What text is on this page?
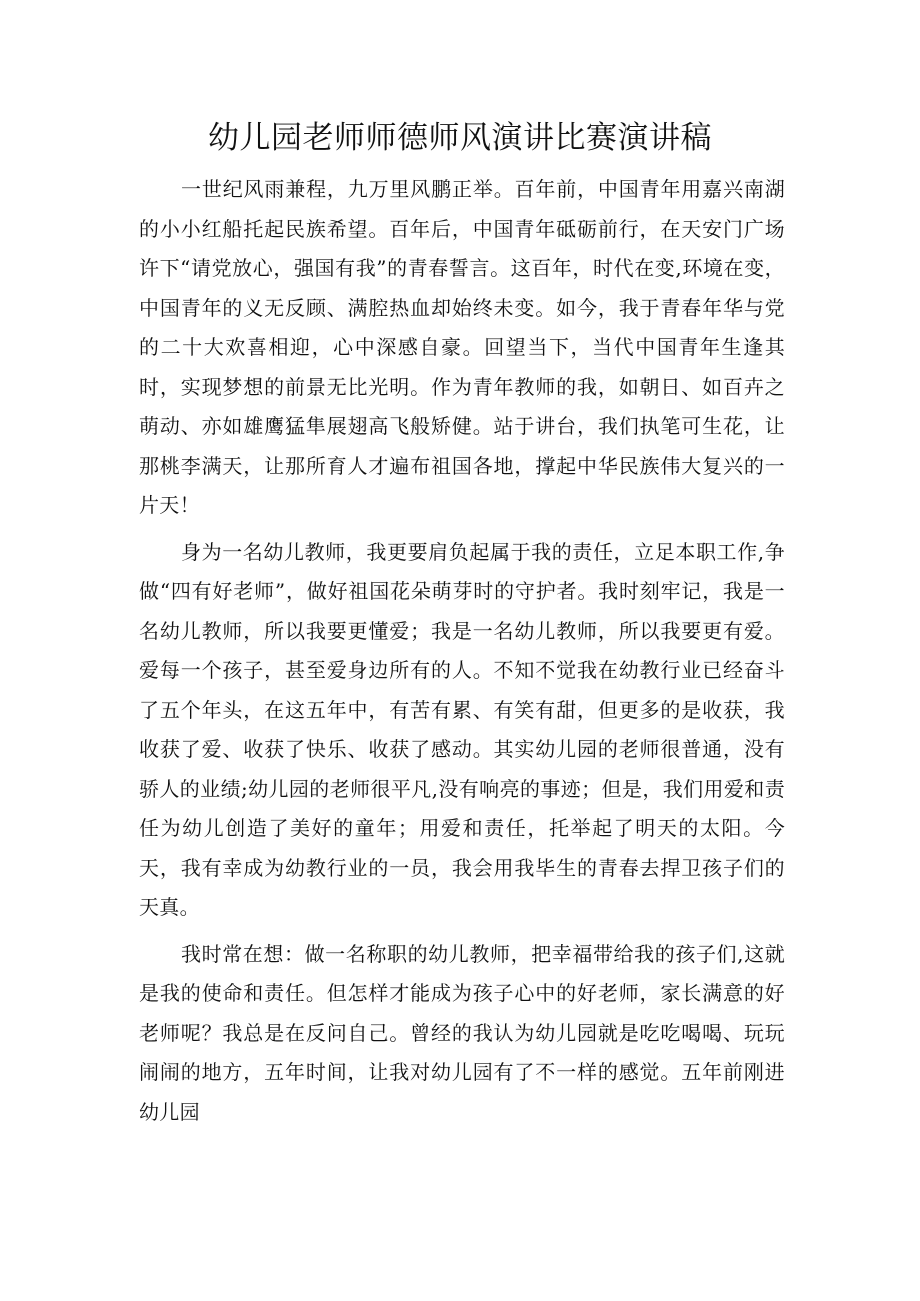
幼儿园老师师德师风演讲比赛演讲稿

一世纪风雨兼程，九万里风鹏正举。百年前，中国青年用嘉兴南湖的小小红船托起民族希望。百年后，中国青年砥砺前行，在天安门广场许下“请党放心，强国有我”的青春誓言。这百年，时代在变,环境在变，中国青年的义无反顾、满腔热血却始终未变。如今，我于青春年华与党的二十大欢喜相迎，心中深感自豪。回望当下，当代中国青年生逢其时，实现梦想的前景无比光明。作为青年教师的我，如朝日、如百卉之萌动、亦如雄鹰猛隼展翅高飞般矫健。站于讲台，我们执笔可生花，让那桃李满天，让那所育人才遍布祖国各地，撑起中华民族伟大复兴的一片天！

身为一名幼儿教师，我更要肩负起属于我的责任，立足本职工作,争做“四有好老师”，做好祖国花朵萌芽时的守护者。我时刻牢记，我是一名幼儿教师，所以我要更懂爱；我是一名幼儿教师，所以我要更有爱。爱每一个孩子，甚至爱身边所有的人。不知不觉我在幼教行业已经奋斗了五个年头，在这五年中，有苦有累、有笑有甜，但更多的是收获，我收获了爱、收获了快乐、收获了感动。其实幼儿园的老师很普通，没有骄人的业绩;幼儿园的老师很平凡,没有响亮的事迹；但是，我们用爱和责任为幼儿创造了美好的童年；用爱和责任，托举起了明天的太阳。今天，我有幸成为幼教行业的一员，我会用我毕生的青春去捍卫孩子们的天真。

我时常在想：做一名称职的幼儿教师，把幸福带给我的孩子们,这就是我的使命和责任。但怎样才能成为孩子心中的好老师，家长满意的好老师呢？我总是在反问自己。曾经的我认为幼儿园就是吃吃喝喝、玩玩闹闹的地方，五年时间，让我对幼儿园有了不一样的感觉。五年前刚进幼儿园
